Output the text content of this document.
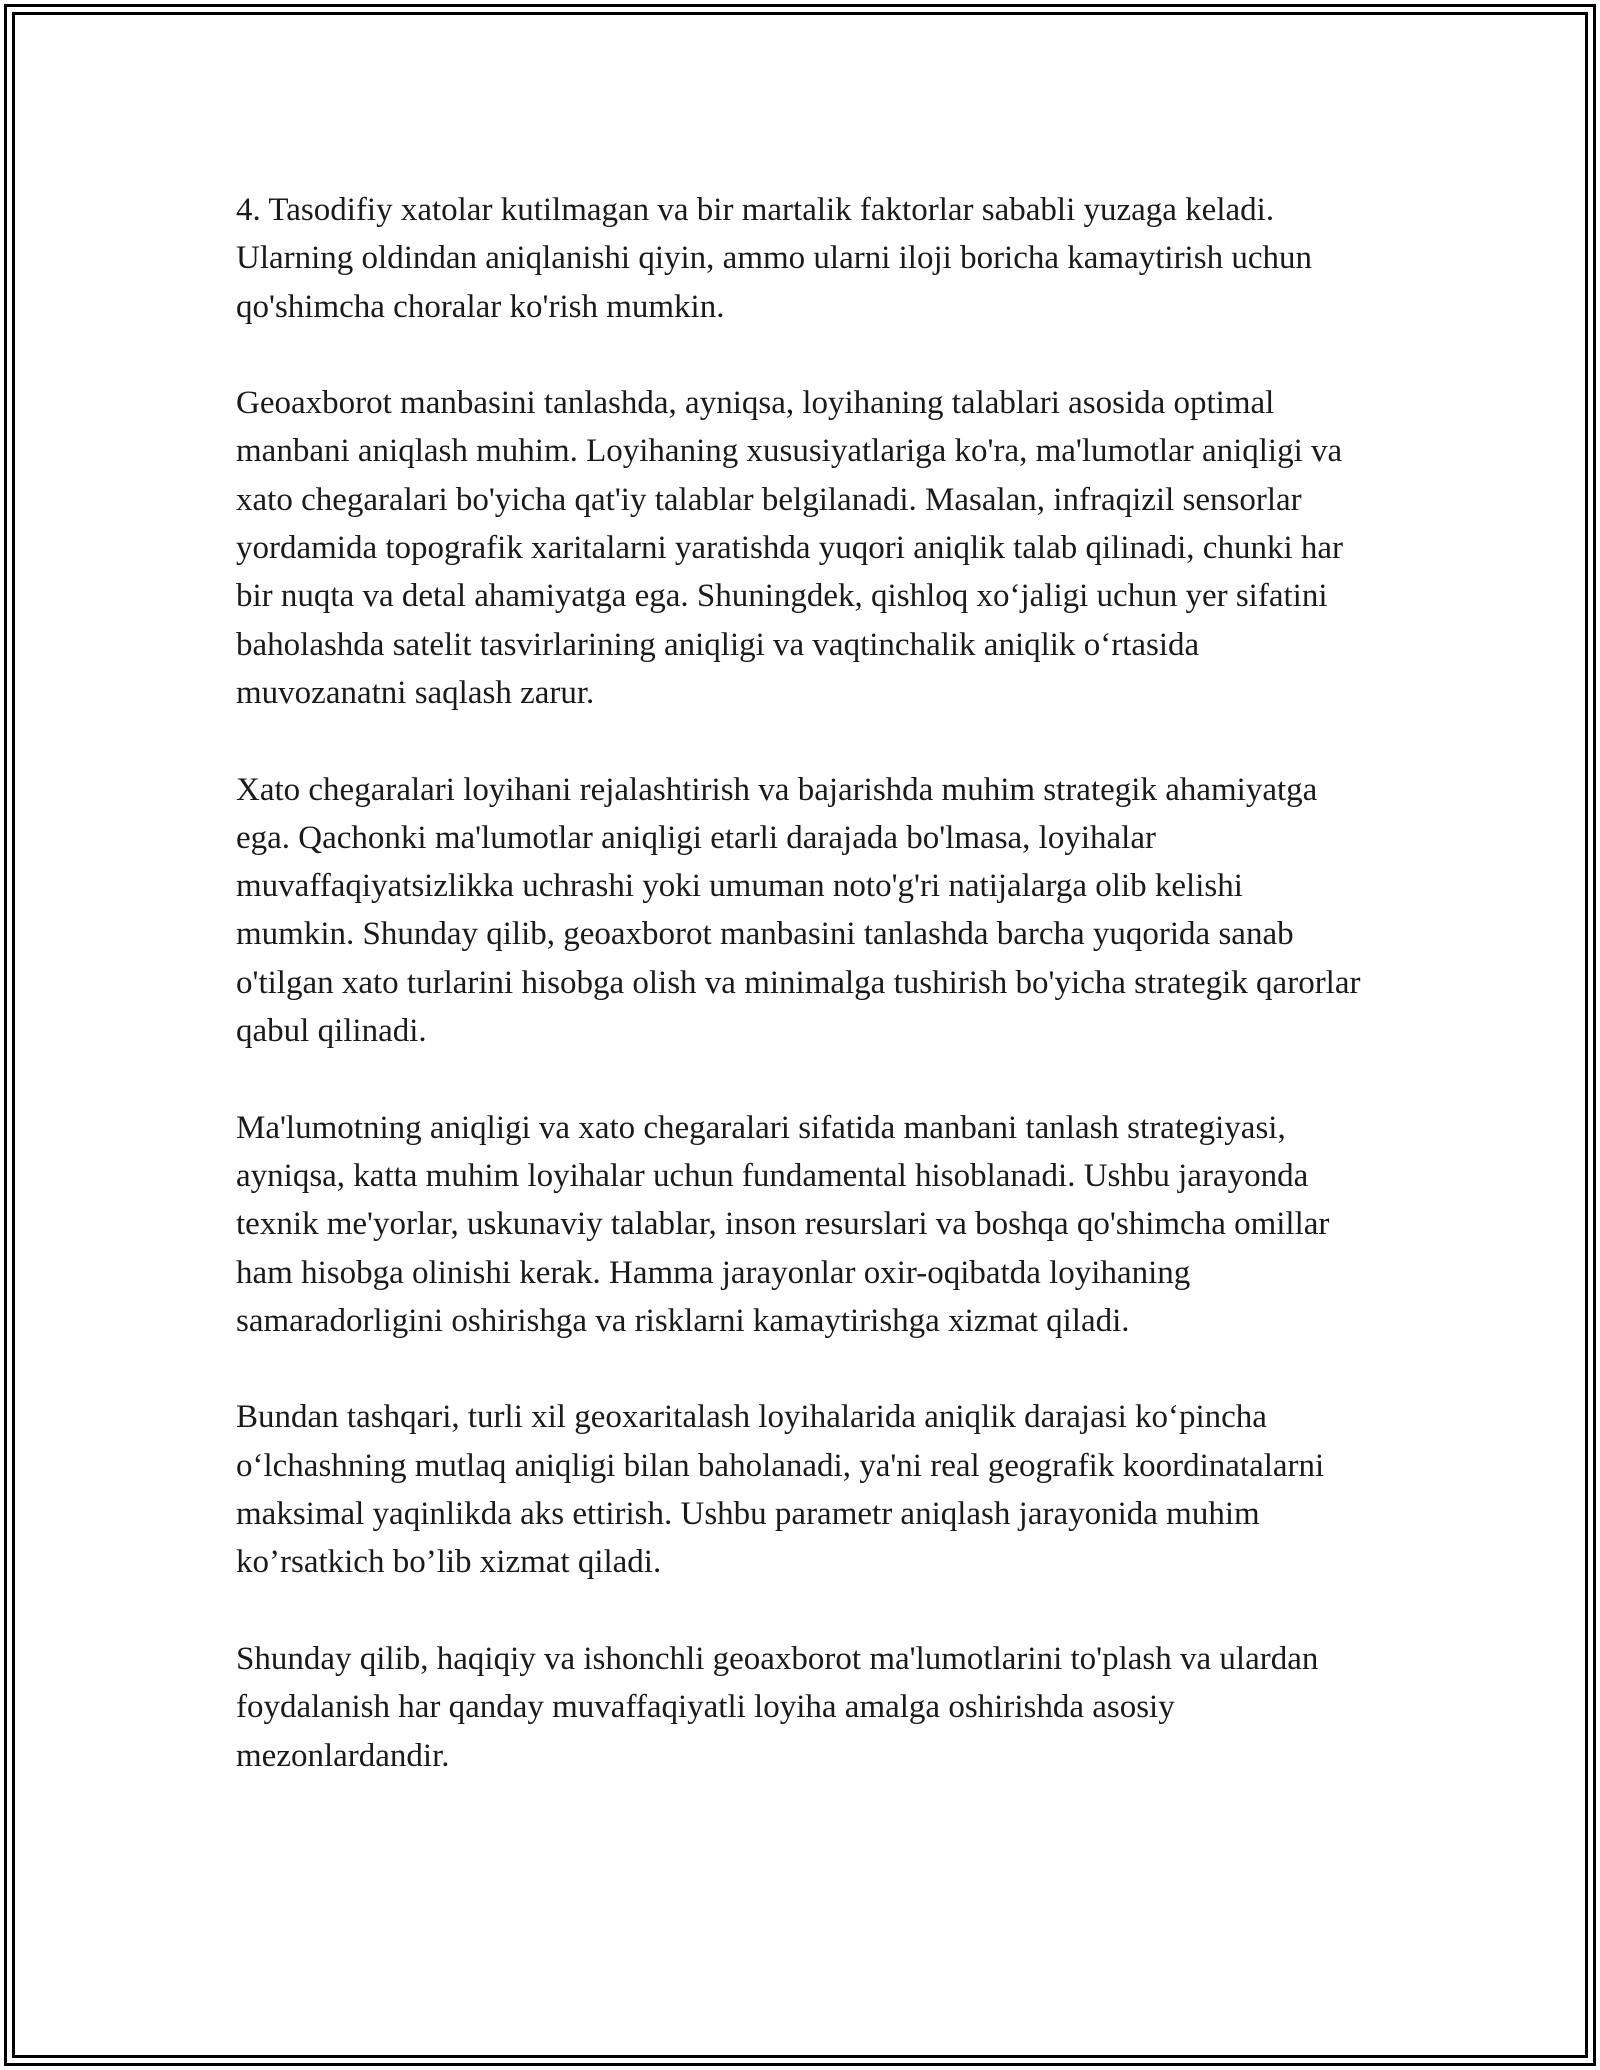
4. Tasodifiy xatolar kutilmagan va bir martalik faktorlar sababli yuzaga keladi. Ularning oldindan aniqlanishi qiyin, ammo ularni iloji boricha kamaytirish uchun qo'shimcha choralar ko'rish mumkin.

Geoaxborot manbasini tanlashda, ayniqsa, loyihaning talablari asosida optimal manbani aniqlash muhim. Loyihaning xususiyatlariga ko'ra, ma'lumotlar aniqligi va xato chegaralari bo'yicha qat'iy talablar belgilanadi. Masalan, infraqizil sensorlar yordamida topografik xaritalarni yaratishda yuqori aniqlik talab qilinadi, chunki har bir nuqta va detal ahamiyatga ega. Shuningdek, qishloq xo‘jaligi uchun yer sifatini baholashda satelit tasvirlarining aniqligi va vaqtinchalik aniqlik o‘rtasida muvozanatni saqlash zarur.

Xato chegaralari loyihani rejalashtirish va bajarishda muhim strategik ahamiyatga ega. Qachonki ma'lumotlar aniqligi etarli darajada bo'lmasa, loyihalar muvaffaqiyatsizlikka uchrashi yoki umuman noto'g'ri natijalarga olib kelishi mumkin. Shunday qilib, geoaxborot manbasini tanlashda barcha yuqorida sanab o'tilgan xato turlarini hisobga olish va minimalga tushirish bo'yicha strategik qarorlar qabul qilinadi.

Ma'lumotning aniqligi va xato chegaralari sifatida manbani tanlash strategiyasi, ayniqsa, katta muhim loyihalar uchun fundamental hisoblanadi. Ushbu jarayonda texnik me'yorlar, uskunaviy talablar, inson resurslari va boshqa qo'shimcha omillar ham hisobga olinishi kerak. Hamma jarayonlar oxir-oqibatda loyihaning samaradorligini oshirishga va risklarni kamaytirishga xizmat qiladi.

Bundan tashqari, turli xil geoxaritalash loyihalarida aniqlik darajasi ko‘pincha o‘lchashning mutlaq aniqligi bilan baholanadi, ya'ni real geografik koordinatalarni maksimal yaqinlikda aks ettirish. Ushbu parametr aniqlash jarayonida muhim ko’rsatkich bo’lib xizmat qiladi.

Shunday qilib, haqiqiy va ishonchli geoaxborot ma'lumotlarini to'plash va ulardan foydalanish har qanday muvaffaqiyatli loyiha amalga oshirishda asosiy mezonlardandir.
